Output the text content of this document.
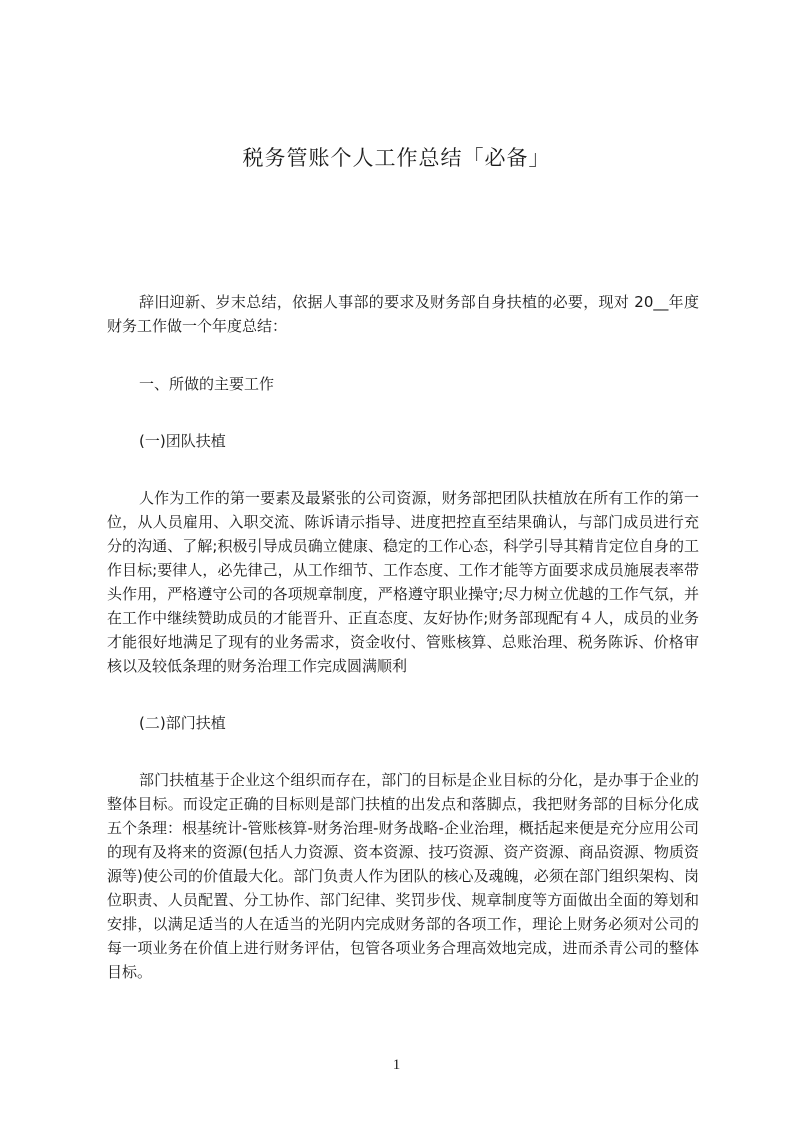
税务管账个人工作总结「必备」

辞旧迎新、岁末总结，依据人事部的要求及财务部自身扶植的必要，现对 20__年度财务工作做一个年度总结：

一、所做的主要工作

(一)团队扶植

人作为工作的第一要素及最紧张的公司资源，财务部把团队扶植放在所有工作的第一位，从人员雇用、入职交流、陈诉请示指导、进度把控直至结果确认，与部门成员进行充分的沟通、了解;积极引导成员确立健康、稳定的工作心态，科学引导其精肯定位自身的工作目标;要律人，必先律己，从工作细节、工作态度、工作才能等方面要求成员施展表率带头作用，严格遵守公司的各项规章制度，严格遵守职业操守;尽力树立优越的工作气氛，并在工作中继续赞助成员的才能晋升、正直态度、友好协作;财务部现配有４人，成员的业务才能很好地满足了现有的业务需求，资金收付、管账核算、总账治理、税务陈诉、价格审核以及较低条理的财务治理工作完成圆满顺利

(二)部门扶植

部门扶植基于企业这个组织而存在，部门的目标是企业目标的分化，是办事于企业的整体目标。而设定正确的目标则是部门扶植的出发点和落脚点，我把财务部的目标分化成五个条理：根基统计-管账核算-财务治理-财务战略-企业治理，概括起来便是充分应用公司的现有及将来的资源(包括人力资源、资本资源、技巧资源、资产资源、商品资源、物质资源等)使公司的价值最大化。部门负责人作为团队的核心及魂魄，必须在部门组织架构、岗位职责、人员配置、分工协作、部门纪律、奖罚步伐、规章制度等方面做出全面的筹划和安排，以满足适当的人在适当的光阴内完成财务部的各项工作，理论上财务必须对公司的每一项业务在价值上进行财务评估，包管各项业务合理高效地完成，进而杀青公司的整体目标。

1
